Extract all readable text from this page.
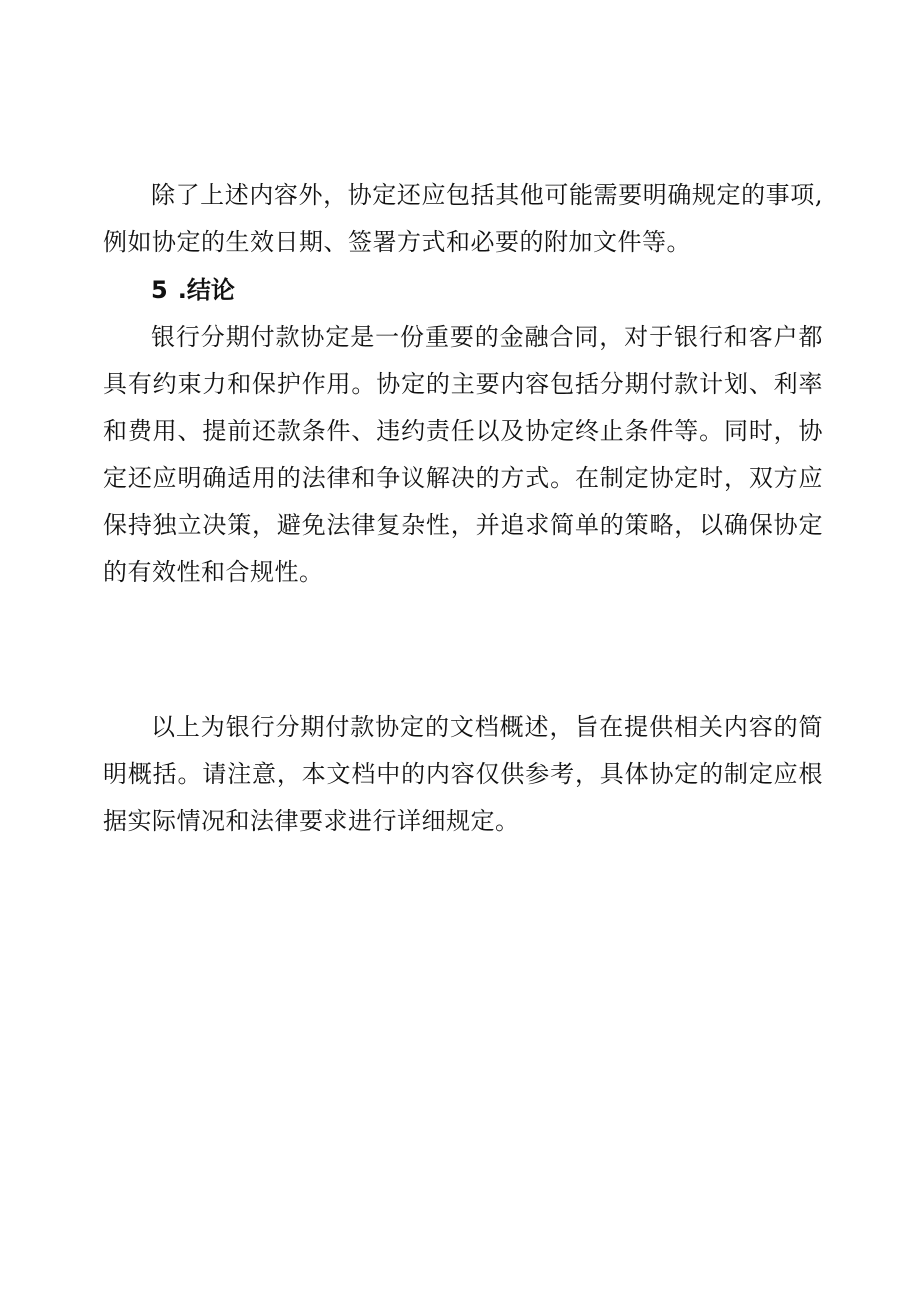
除了上述内容外，协定还应包括其他可能需要明确规定的事项,例如协定的生效日期、签署方式和必要的附加文件等。

5 .结论

银行分期付款协定是一份重要的金融合同，对于银行和客户都具有约束力和保护作用。协定的主要内容包括分期付款计划、利率和费用、提前还款条件、违约责任以及协定终止条件等。同时，协定还应明确适用的法律和争议解决的方式。在制定协定时，双方应保持独立决策，避免法律复杂性，并追求简单的策略，以确保协定的有效性和合规性。

以上为银行分期付款协定的文档概述，旨在提供相关内容的简明概括。请注意，本文档中的内容仅供参考，具体协定的制定应根据实际情况和法律要求进行详细规定。
